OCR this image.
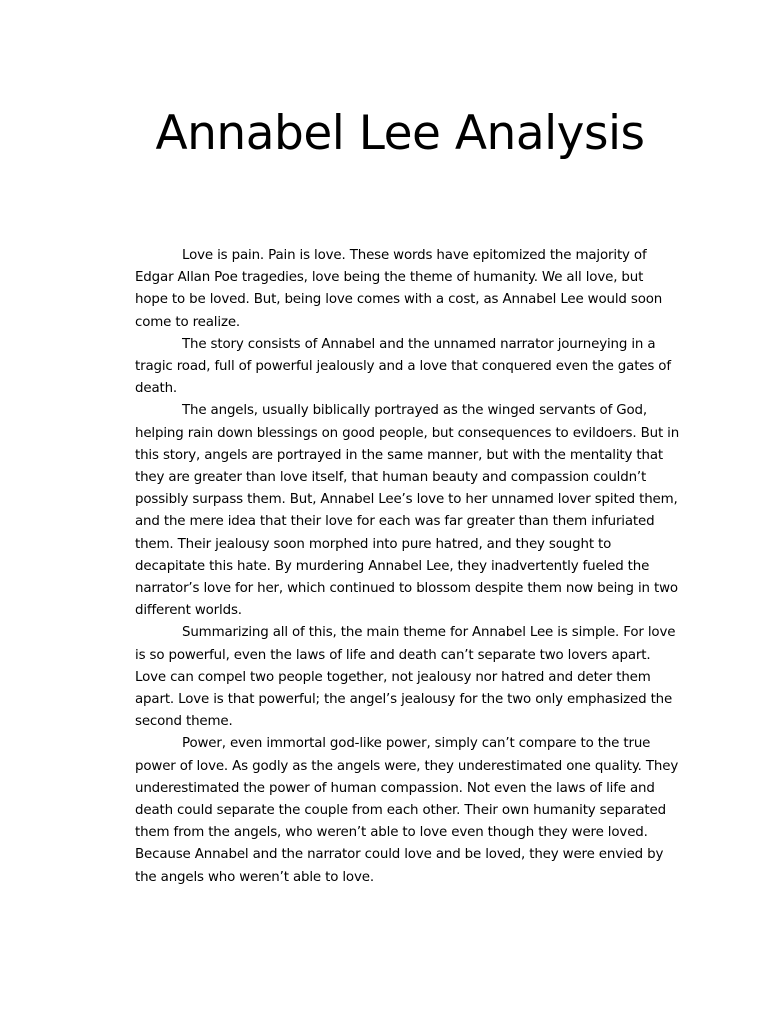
Annabel Lee Analysis

Love is pain. Pain is love. These words have epitomized the majority of Edgar Allan Poe tragedies, love being the theme of humanity. We all love, but hope to be loved. But, being love comes with a cost, as Annabel Lee would soon come to realize.

The story consists of Annabel and the unnamed narrator journeying in a tragic road, full of powerful jealously and a love that conquered even the gates of death.

The angels, usually biblically portrayed as the winged servants of God, helping rain down blessings on good people, but consequences to evildoers. But in this story, angels are portrayed in the same manner, but with the mentality that they are greater than love itself, that human beauty and compassion couldn’t possibly surpass them. But, Annabel Lee’s love to her unnamed lover spited them, and the mere idea that their love for each was far greater than them infuriated them. Their jealousy soon morphed into pure hatred, and they sought to decapitate this hate. By murdering Annabel Lee, they inadvertently fueled the narrator’s love for her, which continued to blossom despite them now being in two different worlds.

Summarizing all of this, the main theme for Annabel Lee is simple. For love is so powerful, even the laws of life and death can’t separate two lovers apart. Love can compel two people together, not jealousy nor hatred and deter them apart. Love is that powerful; the angel’s jealousy for the two only emphasized the second theme.

Power, even immortal god-like power, simply can’t compare to the true power of love. As godly as the angels were, they underestimated one quality. They underestimated the power of human compassion. Not even the laws of life and death could separate the couple from each other. Their own humanity separated them from the angels, who weren’t able to love even though they were loved. Because Annabel and the narrator could love and be loved, they were envied by the angels who weren’t able to love.
